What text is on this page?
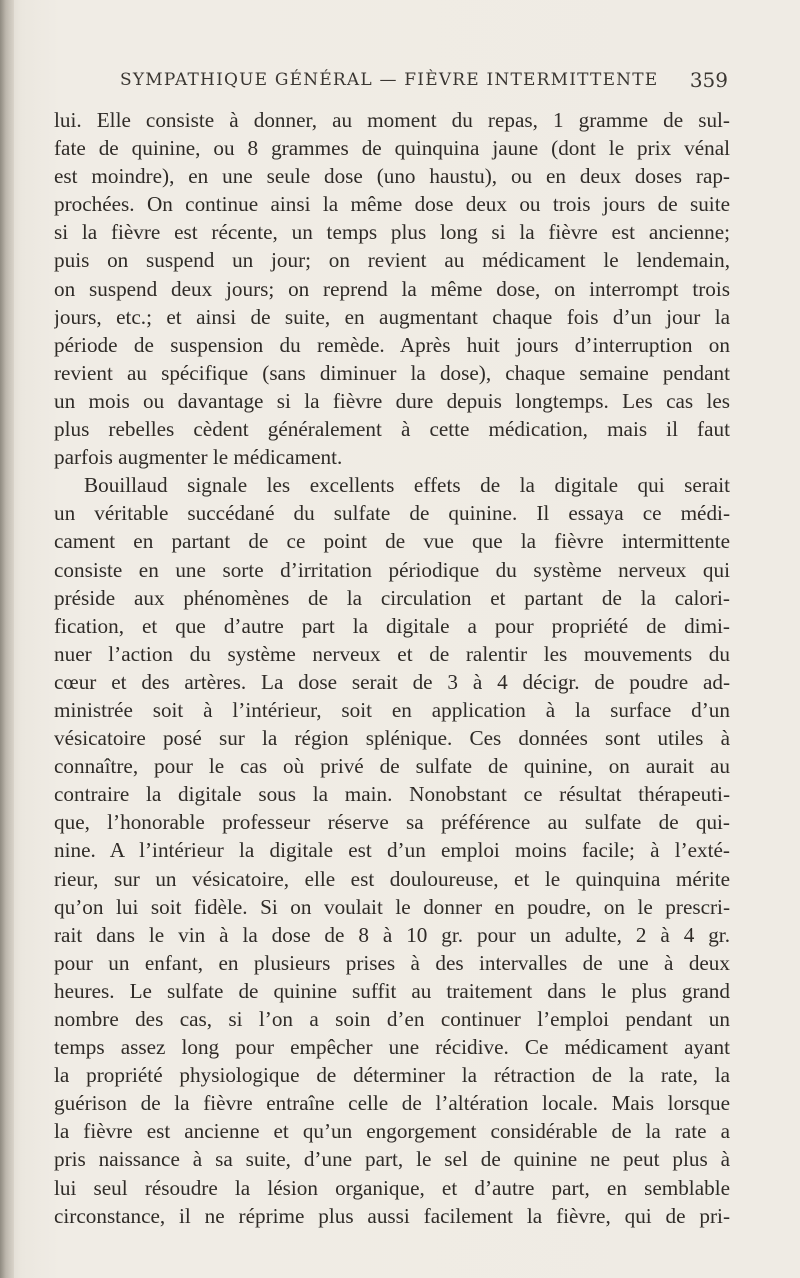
SYMPATHIQUE GÉNÉRAL — FIÈVRE INTERMITTENTE 359
lui. Elle consiste à donner, au moment du repas, 1 gramme de sul-
fate de quinine, ou 8 grammes de quinquina jaune (dont le prix vénal
est moindre), en une seule dose (uno haustu), ou en deux doses rap-
prochées. On continue ainsi la même dose deux ou trois jours de suite
si la fièvre est récente, un temps plus long si la fièvre est ancienne;
puis on suspend un jour; on revient au médicament le lendemain,
on suspend deux jours; on reprend la même dose, on interrompt trois
jours, etc.; et ainsi de suite, en augmentant chaque fois d’un jour la
période de suspension du remède. Après huit jours d’interruption on
revient au spécifique (sans diminuer la dose), chaque semaine pendant
un mois ou davantage si la fièvre dure depuis longtemps. Les cas les
plus rebelles cèdent généralement à cette médication, mais il faut
parfois augmenter le médicament.
Bouillaud signale les excellents effets de la digitale qui serait
un véritable succédané du sulfate de quinine. Il essaya ce médi-
cament en partant de ce point de vue que la fièvre intermittente
consiste en une sorte d’irritation périodique du système nerveux qui
préside aux phénomènes de la circulation et partant de la calori-
fication, et que d’autre part la digitale a pour propriété de dimi-
nuer l’action du système nerveux et de ralentir les mouvements du
cœur et des artères. La dose serait de 3 à 4 décigr. de poudre ad-
ministrée soit à l’intérieur, soit en application à la surface d’un
vésicatoire posé sur la région splénique. Ces données sont utiles à
connaître, pour le cas où privé de sulfate de quinine, on aurait au
contraire la digitale sous la main. Nonobstant ce résultat thérapeuti-
que, l’honorable professeur réserve sa préférence au sulfate de qui-
nine. A l’intérieur la digitale est d’un emploi moins facile; à l’exté-
rieur, sur un vésicatoire, elle est douloureuse, et le quinquina mérite
qu’on lui soit fidèle. Si on voulait le donner en poudre, on le prescri-
rait dans le vin à la dose de 8 à 10 gr. pour un adulte, 2 à 4 gr.
pour un enfant, en plusieurs prises à des intervalles de une à deux
heures. Le sulfate de quinine suffit au traitement dans le plus grand
nombre des cas, si l’on a soin d’en continuer l’emploi pendant un
temps assez long pour empêcher une récidive. Ce médicament ayant
la propriété physiologique de déterminer la rétraction de la rate, la
guérison de la fièvre entraîne celle de l’altération locale. Mais lorsque
la fièvre est ancienne et qu’un engorgement considérable de la rate a
pris naissance à sa suite, d’une part, le sel de quinine ne peut plus à
lui seul résoudre la lésion organique, et d’autre part, en semblable
circonstance, il ne réprime plus aussi facilement la fièvre, qui de pri-
